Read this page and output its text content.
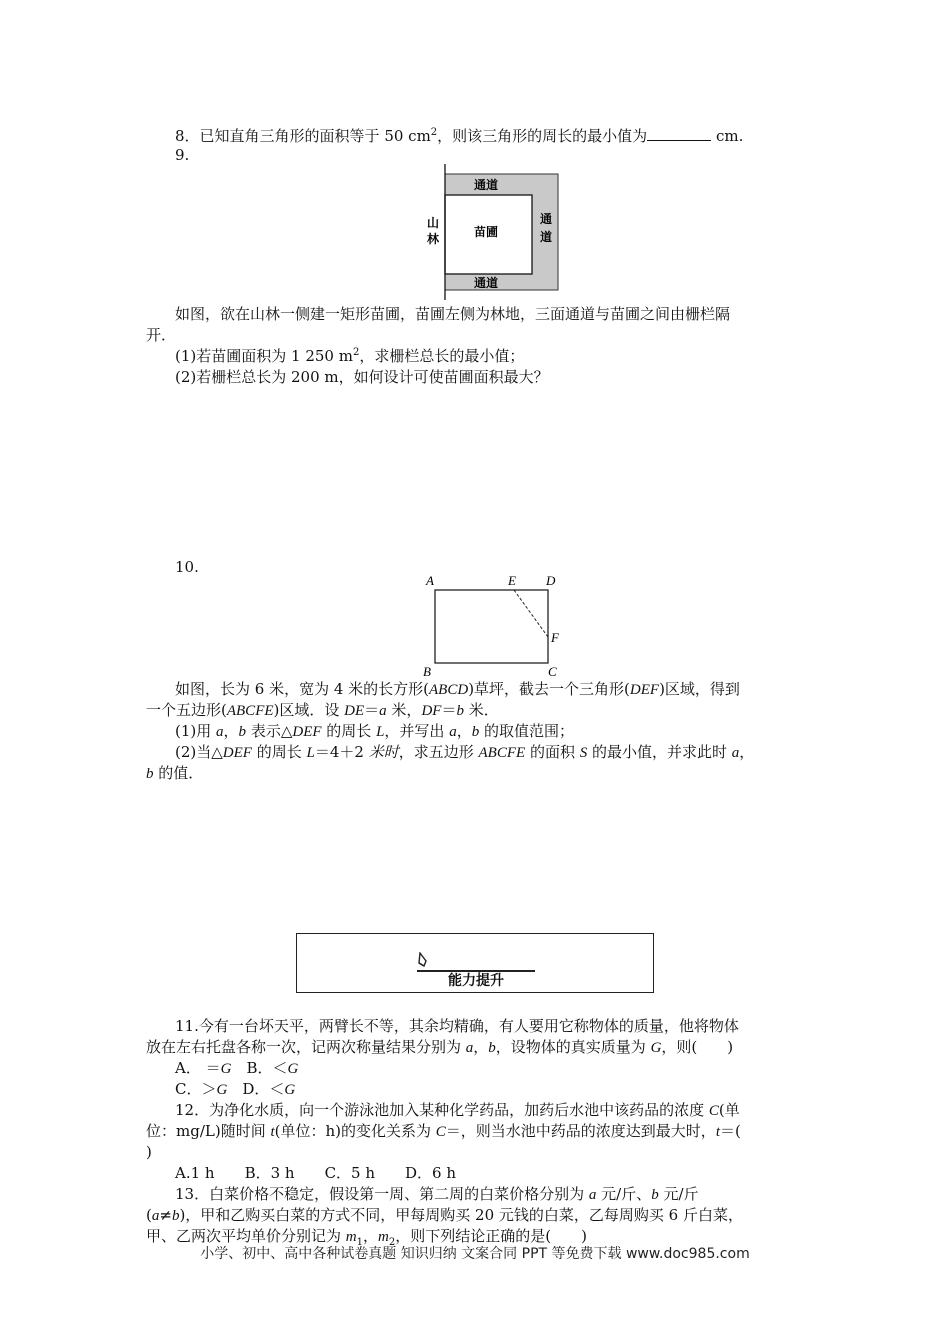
8．已知直角三角形的面积等于 50 $cm^2$，则该三角形的周长的最小值为	cm.
9.
通道
通道
通
道
苗圃
山
林
如图，欲在山林一侧建一矩形苗圃，苗圃左侧为林地，三面通道与苗圃之间由栅栏隔
开．
(1)若苗圃面积为 1 250 $m^2$，求栅栏总长的最小值；
(2)若栅栏总长为 200 m，如何设计可使苗圃面积最大？
10.
A	E D
F
B	C
如图，长为 6 米，宽为 4 米的长方形(ABCD)草坪，截去一个三角形(DEF)区域，得到
一个五边形(ABCFE)区域．设 DE＝a 米，DF＝b 米．
(1)用 a，b 表示△DEF 的周长 L，并写出 a，b 的取值范围；
(2)当△DEF 的周长 L＝4＋2 米时，求五边形 ABCFE 的面积 S 的最小值，并求此时 a，
b 的值．
能力提升
11.今有一台坏天平，两臂长不等，其余均精确，有人要用它称物体的质量，他将物体
放在左右托盘各称一次，记两次称量结果分别为 a，b，设物体的真实质量为 G，则(　　)
A． ＝G　B．＜G
C．＞G　D．＜G
12．为净化水质，向一个游泳池加入某种化学药品，加药后水池中该药品的浓度 C(单
位：mg/L)随时间 t(单位：h)的变化关系为 C＝，则当水池中药品的浓度达到最大时，t＝(
)
A.1 h　　B．3 h　　C．5 h　　D．6 h
13．白菜价格不稳定，假设第一周、第二周的白菜价格分别为 a 元/斤、b 元/斤
(a≠b)，甲和乙购买白菜的方式不同，甲每周购买 20 元钱的白菜，乙每周购买 6 斤白菜，
甲、乙两次平均单价分别记为 $m_1$，$m_2$，则下列结论正确的是(　　)
小学、初中、高中各种试卷真题 知识归纳 文案合同 PPT 等免费下载 www.doc985.com
